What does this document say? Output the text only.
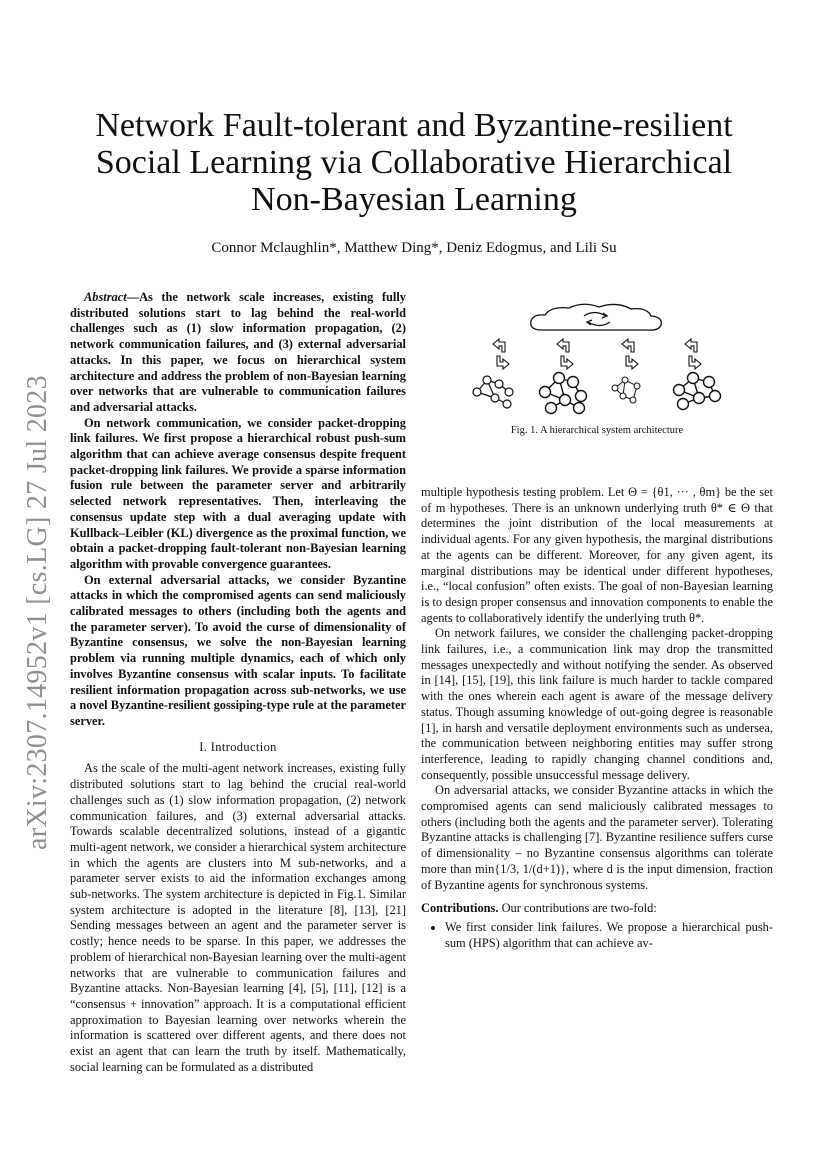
arXiv:2307.14952v1 [cs.LG] 27 Jul 2023
Network Fault-tolerant and Byzantine-resilient Social Learning via Collaborative Hierarchical Non-Bayesian Learning
Connor Mclaughlin*, Matthew Ding*, Deniz Edogmus, and Lili Su

Abstract—As the network scale increases, existing fully distributed solutions start to lag behind the real-world challenges such as (1) slow information propagation, (2) network communication failures, and (3) external adversarial attacks. In this paper, we focus on hierarchical system architecture and address the problem of non-Bayesian learning over networks that are vulnerable to communication failures and adversarial attacks.

On network communication, we consider packet-dropping link failures. We first propose a hierarchical robust push-sum algorithm that can achieve average consensus despite frequent packet-dropping link failures. We provide a sparse information fusion rule between the parameter server and arbitrarily selected network representatives. Then, interleaving the consensus update step with a dual averaging update with Kullback–Leibler (KL) divergence as the proximal function, we obtain a packet-dropping fault-tolerant non-Bayesian learning algorithm with provable convergence guarantees.

On external adversarial attacks, we consider Byzantine attacks in which the compromised agents can send maliciously calibrated messages to others (including both the agents and the parameter server). To avoid the curse of dimensionality of Byzantine consensus, we solve the non-Bayesian learning problem via running multiple dynamics, each of which only involves Byzantine consensus with scalar inputs. To facilitate resilient information propagation across sub-networks, we use a novel Byzantine-resilient gossiping-type rule at the parameter server.

I. Introduction

As the scale of the multi-agent network increases, existing fully distributed solutions start to lag behind the crucial real-world challenges such as (1) slow information propagation, (2) network communication failures, and (3) external adversarial attacks. Towards scalable decentralized solutions, instead of a gigantic multi-agent network, we consider a hierarchical system architecture in which the agents are clusters into M sub-networks, and a parameter server exists to aid the information exchanges among sub-networks. The system architecture is depicted in Fig.1. Similar system architecture is adopted in the literature [8], [13], [21] Sending messages between an agent and the parameter server is costly; hence needs to be sparse. In this paper, we addresses the problem of hierarchical non-Bayesian learning over the multi-agent networks that are vulnerable to communication failures and Byzantine attacks. Non-Bayesian learning [4], [5], [11], [12] is a “consensus + innovation” approach. It is a computational efficient approximation to Bayesian learning over networks wherein the information is scattered over different agents, and there does not exist an agent that can learn the truth by itself. Mathematically, social learning can be formulated as a distributed

Fig. 1. A hierarchical system architecture

multiple hypothesis testing problem. Let Θ = {θ1, ··· , θm} be the set of m hypotheses. There is an unknown underlying truth θ* ∈ Θ that determines the joint distribution of the local measurements at individual agents. For any given hypothesis, the marginal distributions at the agents can be different. Moreover, for any given agent, its marginal distributions may be identical under different hypotheses, i.e., “local confusion” often exists. The goal of non-Bayesian learning is to design proper consensus and innovation components to enable the agents to collaboratively identify the underlying truth θ*.

On network failures, we consider the challenging packet-dropping link failures, i.e., a communication link may drop the transmitted messages unexpectedly and without notifying the sender. As observed in [14], [15], [19], this link failure is much harder to tackle compared with the ones wherein each agent is aware of the message delivery status. Though assuming knowledge of out-going degree is reasonable [1], in harsh and versatile deployment environments such as undersea, the communication between neighboring entities may suffer strong interference, leading to rapidly changing channel conditions and, consequently, possible unsuccessful message delivery.

On adversarial attacks, we consider Byzantine attacks in which the compromised agents can send maliciously calibrated messages to others (including both the agents and the parameter server). Tolerating Byzantine attacks is challenging [7]. Byzantine resilience suffers curse of dimensionality – no Byzantine consensus algorithms can tolerate more than min{1/3, 1/(d+1)}, where d is the input dimension, fraction of Byzantine agents for synchronous systems.

Contributions. Our contributions are two-fold:

• We first consider link failures. We propose a hierarchical push-sum (HPS) algorithm that can achieve av-
